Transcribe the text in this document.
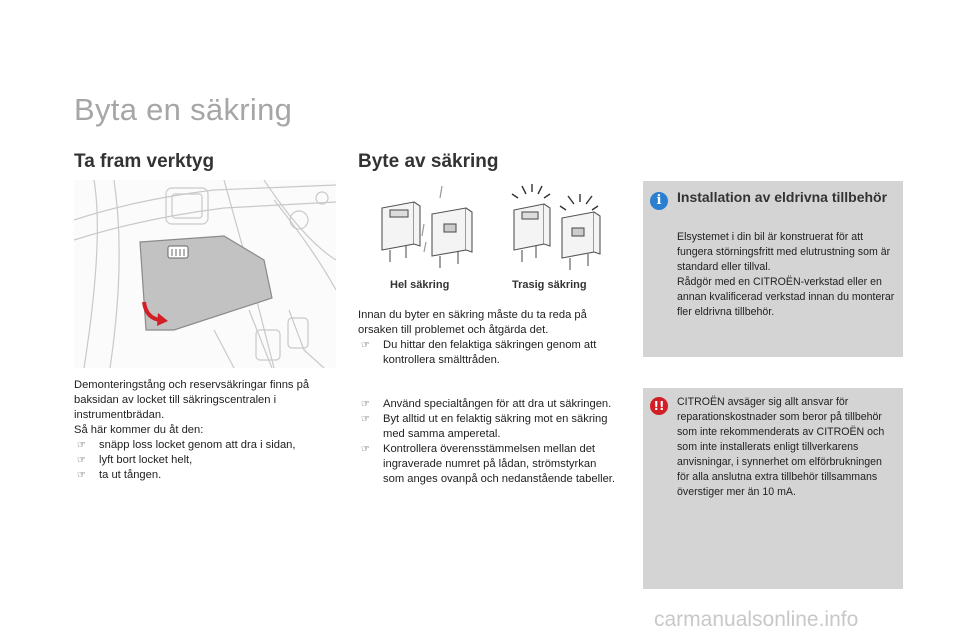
Byta en säkring
Ta fram verktyg
Demonteringstång och reservsäkringar finns på baksidan av locket till säkringscentralen i instrumentbrädan.
Så här kommer du åt den:
☞ snäpp loss locket genom att dra i sidan,
☞ lyft bort locket helt,
☞ ta ut tången.
Byte av säkring
Hel säkring	Trasig säkring
Innan du byter en säkring måste du ta reda på orsaken till problemet och åtgärda det.
☞ Du hittar den felaktiga säkringen genom att kontrollera smälttråden.
☞ Använd specialtången för att dra ut säkringen.
☞ Byt alltid ut en felaktig säkring mot en säkring med samma amperetal.
☞ Kontrollera överensstämmelsen mellan det ingraverade numret på lådan, strömstyrkan som anges ovanpå och nedanstående tabeller.
i	Installation av eldrivna tillbehör
Elsystemet i din bil är konstruerat för att fungera störningsfritt med elutrustning som är standard eller tillval.
Rådgör med en CITROËN-verkstad eller en annan kvalificerad verkstad innan du monterar fler eldrivna tillbehör.
!!	CITROËN avsäger sig allt ansvar för reparationskostnader som beror på tillbehör som inte rekommenderats av CITROËN och som inte installerats enligt tillverkarens anvisningar, i synnerhet om elförbrukningen för alla anslutna extra tillbehör tillsammans överstiger mer än 10 mA.
carmanualsonline.info
